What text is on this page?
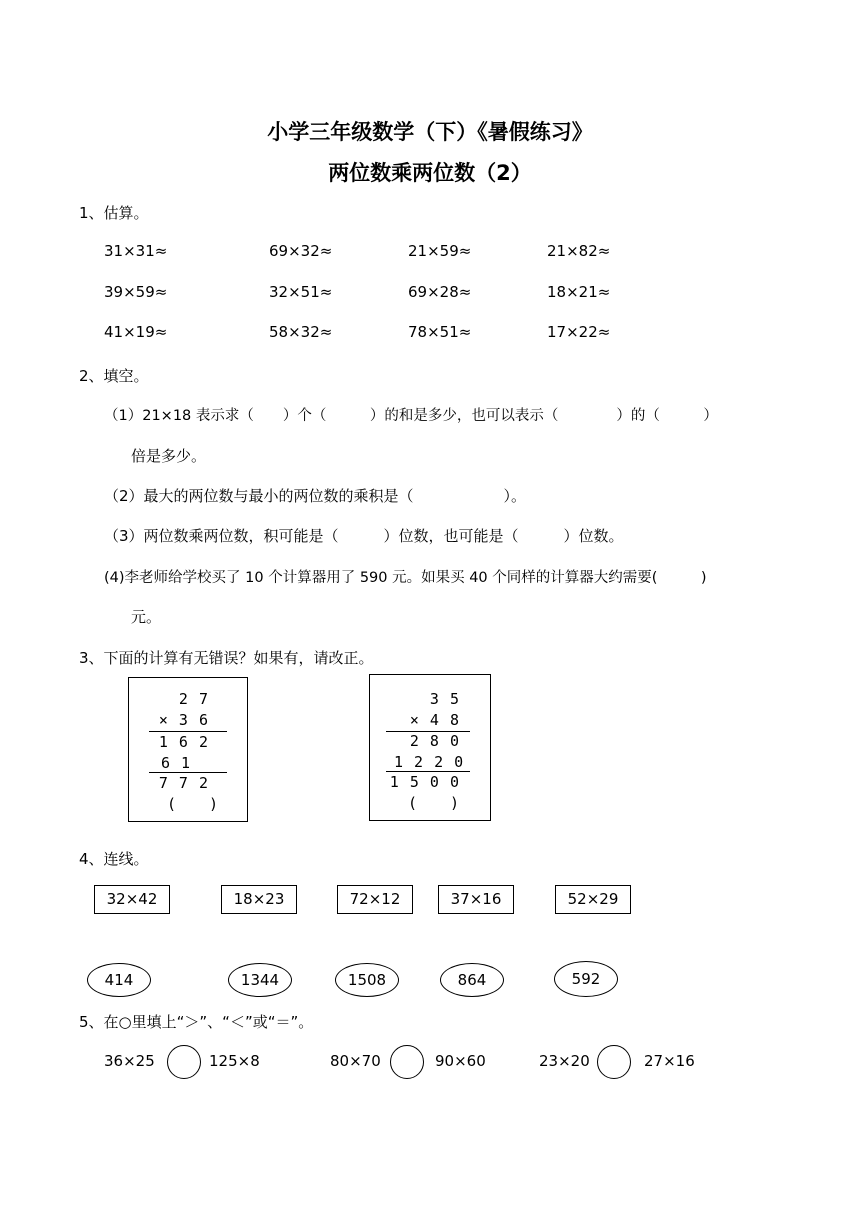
小学三年级数学（下）《暑假练习》
两位数乘两位数（2）
1、估算。
31×31≈	69×32≈	21×59≈	21×82≈
39×59≈	32×51≈	69×28≈	18×21≈
41×19≈	58×32≈	78×51≈	17×22≈
2、填空。
（1）21×18 表示求（　　）个（　　　）的和是多少，也可以表示（　　　　）的（　　　）
倍是多少。
（2）最大的两位数与最小的两位数的乘积是（　　　　　　）。
（3）两位数乘两位数，积可能是（　　　）位数，也可能是（　　　）位数。
(4)李老师给学校买了 10 个计算器用了 590 元。如果买 40 个同样的计算器大约需要(　　　)
元。
3、下面的计算有无错误？如果有，请改正。
2 7
× 3 6
1 6 2
6 1
7 7 2
(　　)
3 5
× 4 8
2 8 0
1 2 2 0
1 5 0 0
(　　)
4、连线。
32×42	18×23	72×12	37×16	52×29
414	1344	1508	864	592
5、在○里填上“＞”、“＜”或“＝”。
36×25	125×8	80×70	90×60	23×20	27×16
